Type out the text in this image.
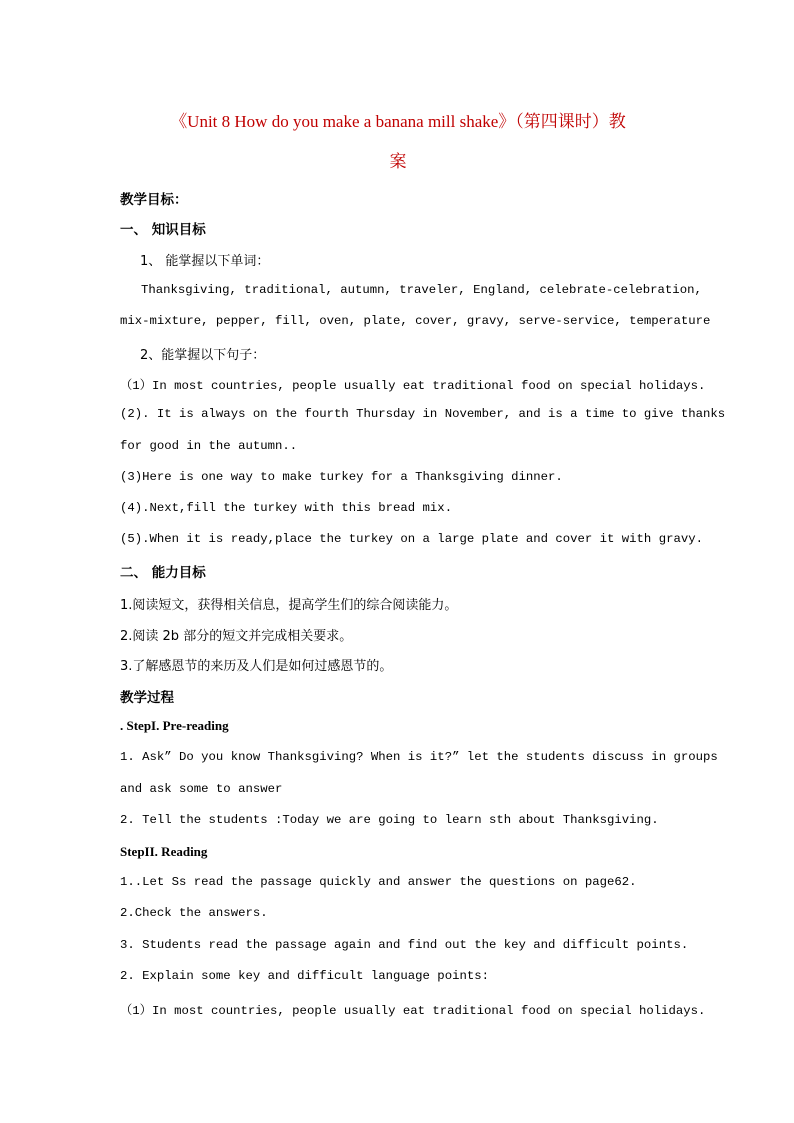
《Unit 8 How do you make a banana mill shake》（第四课时）教
案
教学目标：
一、 知识目标
1、 能掌握以下单词：
Thanksgiving, traditional, autumn, traveler, England, celebrate-celebration,
mix-mixture, pepper, fill, oven, plate, cover, gravy, serve-service, temperature
2、能掌握以下句子：
（1）In most countries, people usually eat traditional food on special holidays.
(2). It is always on the fourth Thursday in November, and is a time to give thanks
for good in the autumn..
(3)Here is one way to make turkey for a Thanksgiving dinner.
(4).Next,fill the turkey with this bread mix.
(5).When it is ready,place the turkey on a large plate and cover it with gravy.
二、 能力目标
1.阅读短文，获得相关信息，提高学生们的综合阅读能力。
2.阅读 2b 部分的短文并完成相关要求。
3.了解感恩节的来历及人们是如何过感恩节的。
教学过程
. StepI. Pre-reading
1. Ask” Do you know Thanksgiving? When is it?” let the students discuss in groups
and ask some to answer
2. Tell the students :Today we are going to learn sth about Thanksgiving.
StepII. Reading
1..Let Ss read the passage quickly and answer the questions on page62.
2.Check the answers.
3. Students read the passage again and find out the key and difficult points.
2. Explain some key and difficult language points:
（1）In most countries, people usually eat traditional food on special holidays.
